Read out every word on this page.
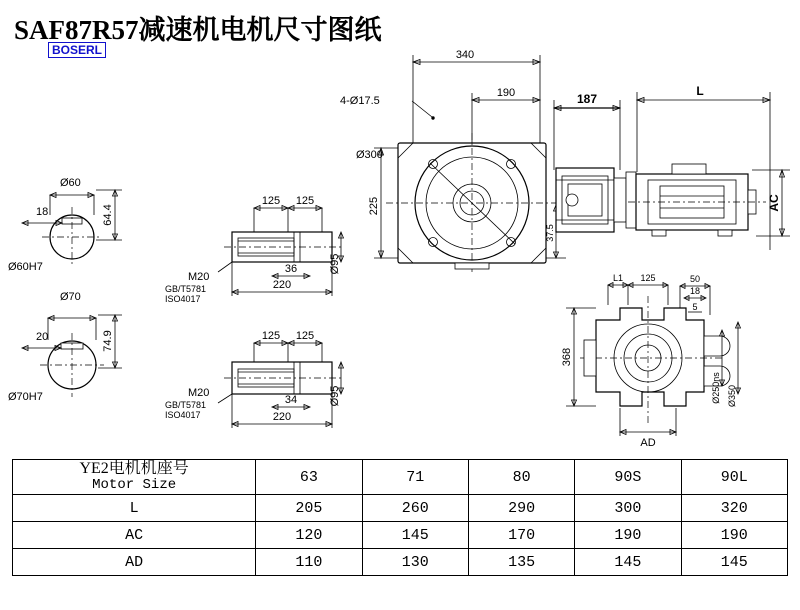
SAF87R57减速机电机尺寸图纸
BOSERL	340
190	187
L
4-Ø17.5
Ø300
225
37.5
AC
Ø60
18	64.4
Ø60H7
Ø70
20	74.9
Ø70H7
125 125
M20
GB/T5781
ISO4017
36
220
Ø95
125 125
M20
GB/T5781
ISO4017
34
220
Ø95
L1 125	50
18
5
368
Ø250ns Ø350
AD
YE2电机机座号
Motor Size	63	71	80	90S	90L
L	205	260	290	300	320
AC	120	145	170	190	190
AD	110	130	135	145	145
